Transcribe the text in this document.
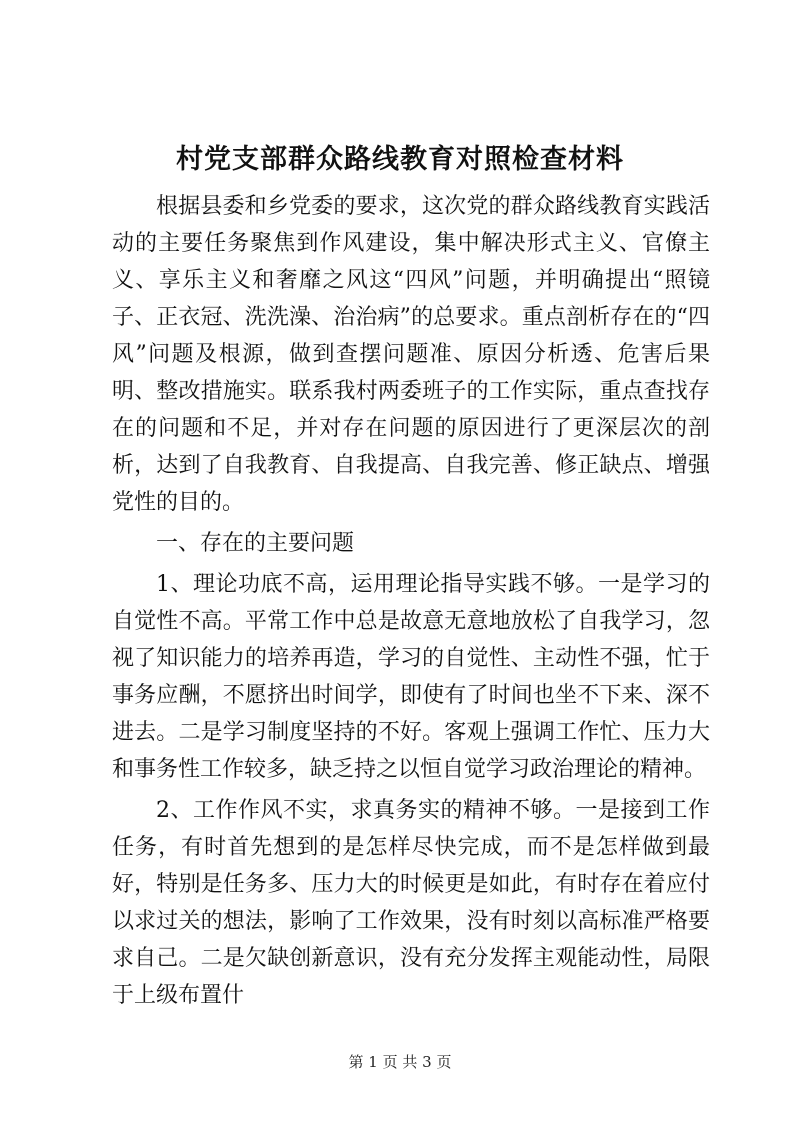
村党支部群众路线教育对照检查材料

根据县委和乡党委的要求，这次党的群众路线教育实践活动的主要任务聚焦到作风建设，集中解决形式主义、官僚主义、享乐主义和奢靡之风这“四风”问题，并明确提出“照镜子、正衣冠、洗洗澡、治治病”的总要求。重点剖析存在的“四风”问题及根源，做到查摆问题准、原因分析透、危害后果明、整改措施实。联系我村两委班子的工作实际，重点查找存在的问题和不足，并对存在问题的原因进行了更深层次的剖析，达到了自我教育、自我提高、自我完善、修正缺点、增强党性的目的。

一、存在的主要问题

1、理论功底不高，运用理论指导实践不够。一是学习的自觉性不高。平常工作中总是故意无意地放松了自我学习，忽视了知识能力的培养再造，学习的自觉性、主动性不强，忙于事务应酬，不愿挤出时间学，即使有了时间也坐不下来、深不进去。二是学习制度坚持的不好。客观上强调工作忙、压力大和事务性工作较多，缺乏持之以恒自觉学习政治理论的精神。

2、工作作风不实，求真务实的精神不够。一是接到工作任务，有时首先想到的是怎样尽快完成，而不是怎样做到最好，特别是任务多、压力大的时候更是如此，有时存在着应付以求过关的想法，影响了工作效果，没有时刻以高标准严格要求自己。二是欠缺创新意识，没有充分发挥主观能动性，局限于上级布置什

第 1 页 共 3 页
